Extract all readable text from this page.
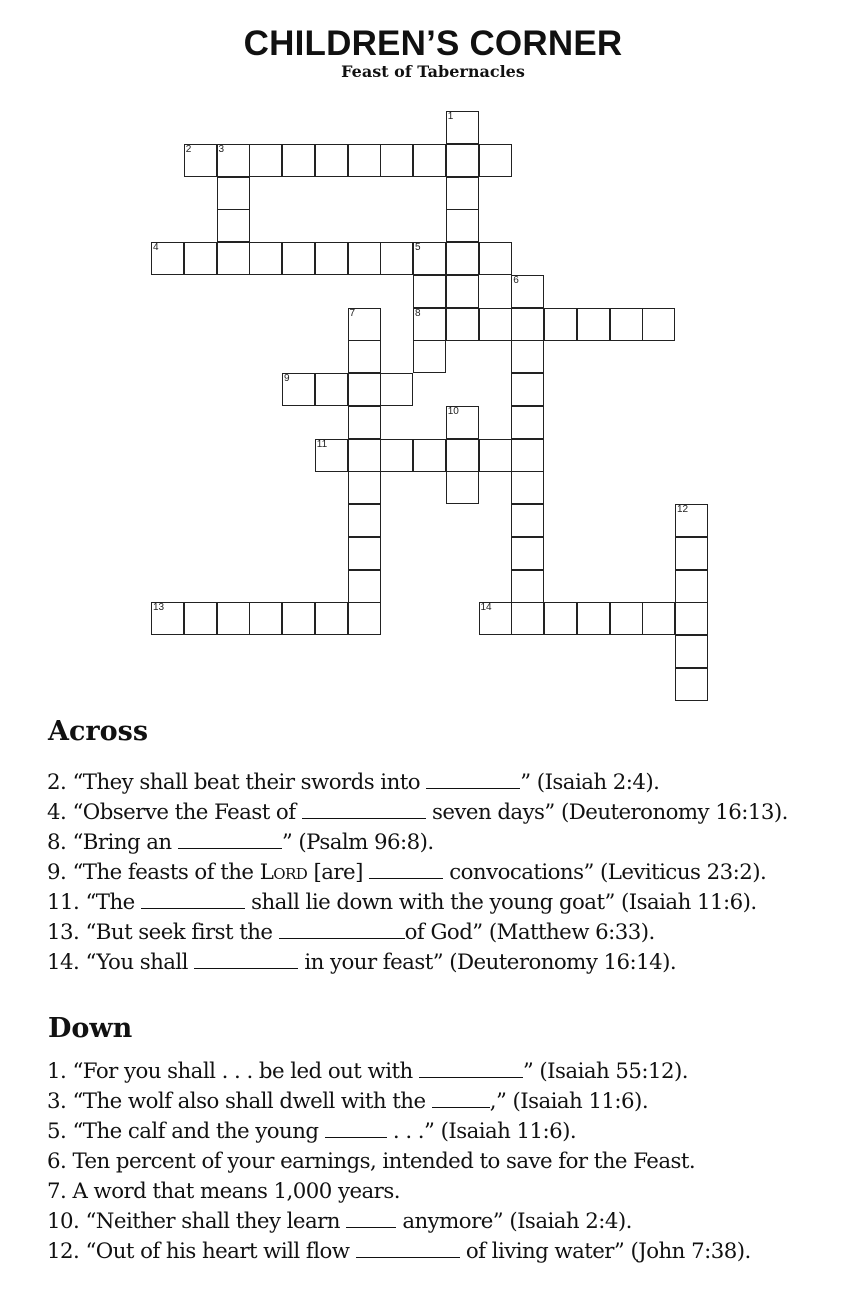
CHILDREN’S CORNER
Feast of Tabernacles
1
2	3
4	5
8
6
7
9
10
11
12
13	14
Across
2. “They shall beat their swords into	” (Isaiah 2:4).
4. “Observe the Feast of	seven days” (Deuteronomy 16:13).
8. “Bring an	” (Psalm 96:8).
9. “The feasts of the Lord [are]	convocations” (Leviticus 23:2).
11. “The	shall lie down with the young goat” (Isaiah 11:6).
13. “But seek first the	of God” (Matthew 6:33).
14. “You shall	in your feast” (Deuteronomy 16:14).
Down
1. “For you shall . . . be led out with	” (Isaiah 55:12).
3. “The wolf also shall dwell with the	,” (Isaiah 11:6).
5. “The calf and the young	. . .” (Isaiah 11:6).
6. Ten percent of your earnings, intended to save for the Feast.
7. A word that means 1,000 years.
10. “Neither shall they learn  anymore” (Isaiah 2:4).
12. “Out of his heart will flow	of living water” (John 7:38).
